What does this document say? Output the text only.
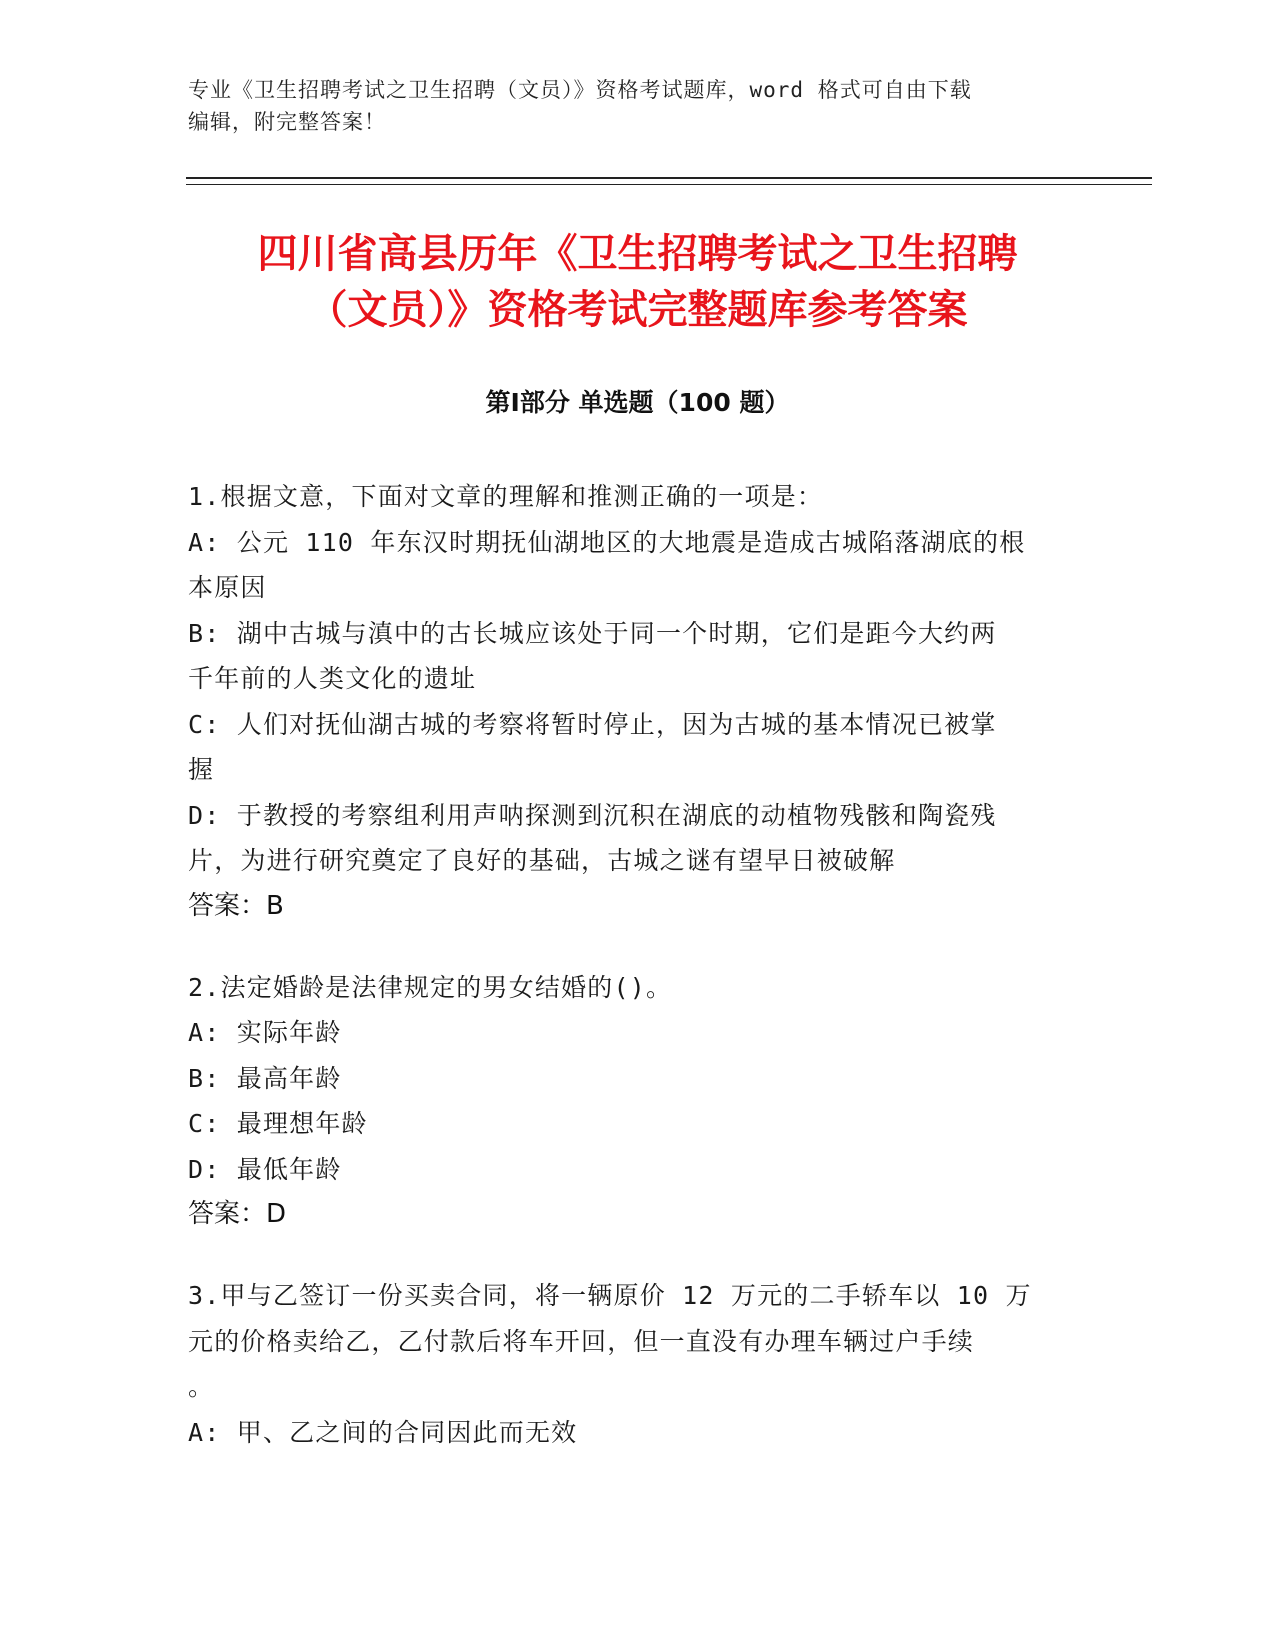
专业《卫生招聘考试之卫生招聘（文员）》资格考试题库，word 格式可自由下载
编辑，附完整答案！
四川省高县历年《卫生招聘考试之卫生招聘
（文员）》资格考试完整题库参考答案
第Ⅰ部分 单选题（100 题）
1.根据文意，下面对文章的理解和推测正确的一项是：
A: 公元 110 年东汉时期抚仙湖地区的大地震是造成古城陷落湖底的根
本原因
B: 湖中古城与滇中的古长城应该处于同一个时期，它们是距今大约两
千年前的人类文化的遗址
C: 人们对抚仙湖古城的考察将暂时停止，因为古城的基本情况已被掌
握
D: 于教授的考察组利用声呐探测到沉积在湖底的动植物残骸和陶瓷残
片，为进行研究奠定了良好的基础，古城之谜有望早日被破解
答案：B
2.法定婚龄是法律规定的男女结婚的()。
A: 实际年龄
B: 最高年龄
C: 最理想年龄
D: 最低年龄
答案：D
3.甲与乙签订一份买卖合同，将一辆原价 12 万元的二手轿车以 10 万
元的价格卖给乙，乙付款后将车开回，但一直没有办理车辆过户手续
。
A: 甲、乙之间的合同因此而无效
